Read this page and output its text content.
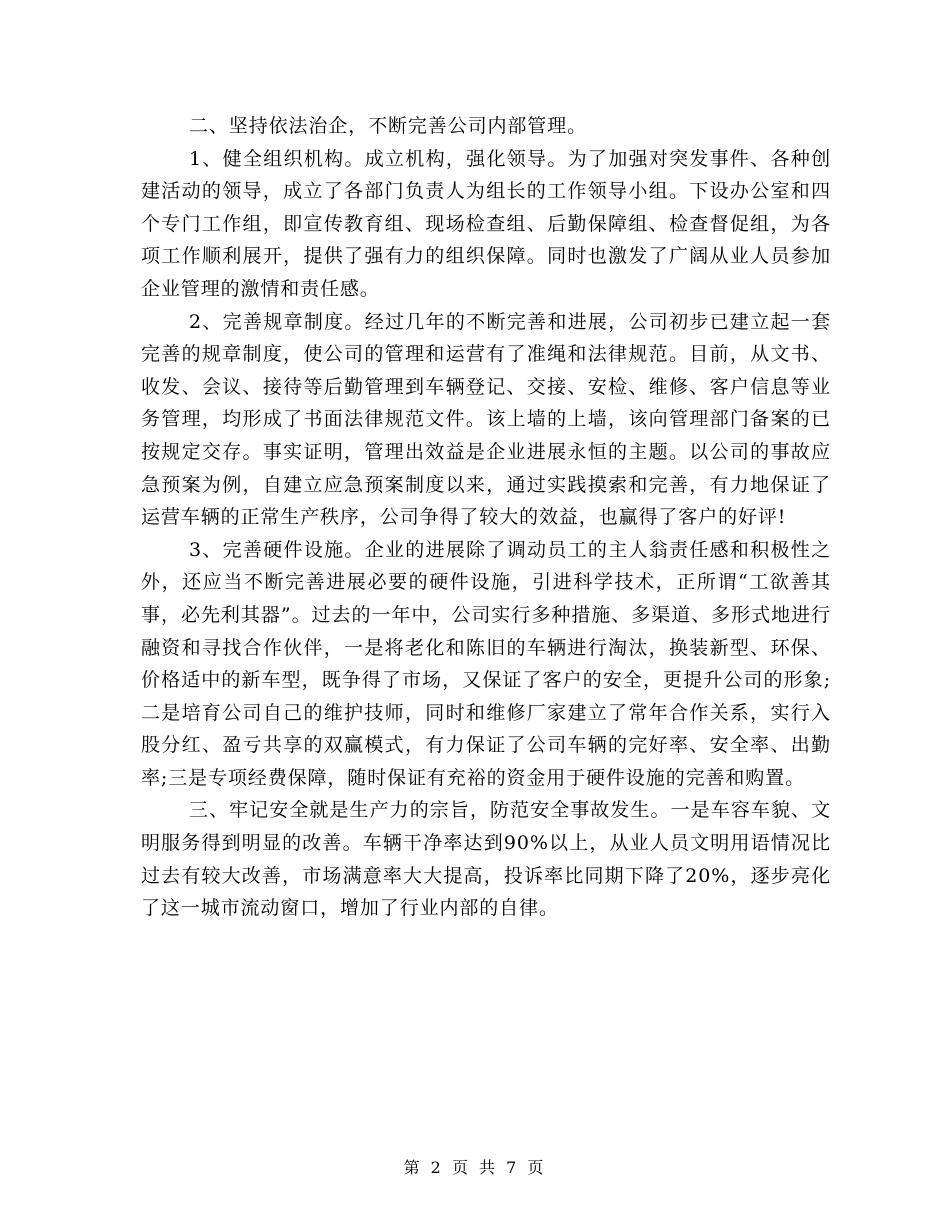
二、坚持依法治企，不断完善公司内部管理。

1、健全组织机构。成立机构，强化领导。为了加强对突发事件、各种创建活动的领导，成立了各部门负责人为组长的工作领导小组。下设办公室和四个专门工作组，即宣传教育组、现场检查组、后勤保障组、检查督促组，为各项工作顺利展开，提供了强有力的组织保障。同时也激发了广阔从业人员参加企业管理的激情和责任感。

2、完善规章制度。经过几年的不断完善和进展，公司初步已建立起一套完善的规章制度，使公司的管理和运营有了准绳和法律规范。目前，从文书、收发、会议、接待等后勤管理到车辆登记、交接、安检、维修、客户信息等业务管理，均形成了书面法律规范文件。该上墙的上墙，该向管理部门备案的已按规定交存。事实证明，管理出效益是企业进展永恒的主题。以公司的事故应急预案为例，自建立应急预案制度以来，通过实践摸索和完善，有力地保证了运营车辆的正常生产秩序，公司争得了较大的效益，也赢得了客户的好评!

3、完善硬件设施。企业的进展除了调动员工的主人翁责任感和积极性之外，还应当不断完善进展必要的硬件设施，引进科学技术，正所谓“工欲善其事，必先利其器”。过去的一年中，公司实行多种措施、多渠道、多形式地进行融资和寻找合作伙伴，一是将老化和陈旧的车辆进行淘汰，换装新型、环保、价格适中的新车型，既争得了市场，又保证了客户的安全，更提升公司的形象;二是培育公司自己的维护技师，同时和维修厂家建立了常年合作关系，实行入股分红、盈亏共享的双赢模式，有力保证了公司车辆的完好率、安全率、出勤率;三是专项经费保障，随时保证有充裕的资金用于硬件设施的完善和购置。

三、牢记安全就是生产力的宗旨，防范安全事故发生。一是车容车貌、文明服务得到明显的改善。车辆干净率达到90%以上，从业人员文明用语情况比过去有较大改善，市场满意率大大提高，投诉率比同期下降了20%，逐步亮化了这一城市流动窗口，增加了行业内部的自律。

第 2 页 共 7 页
